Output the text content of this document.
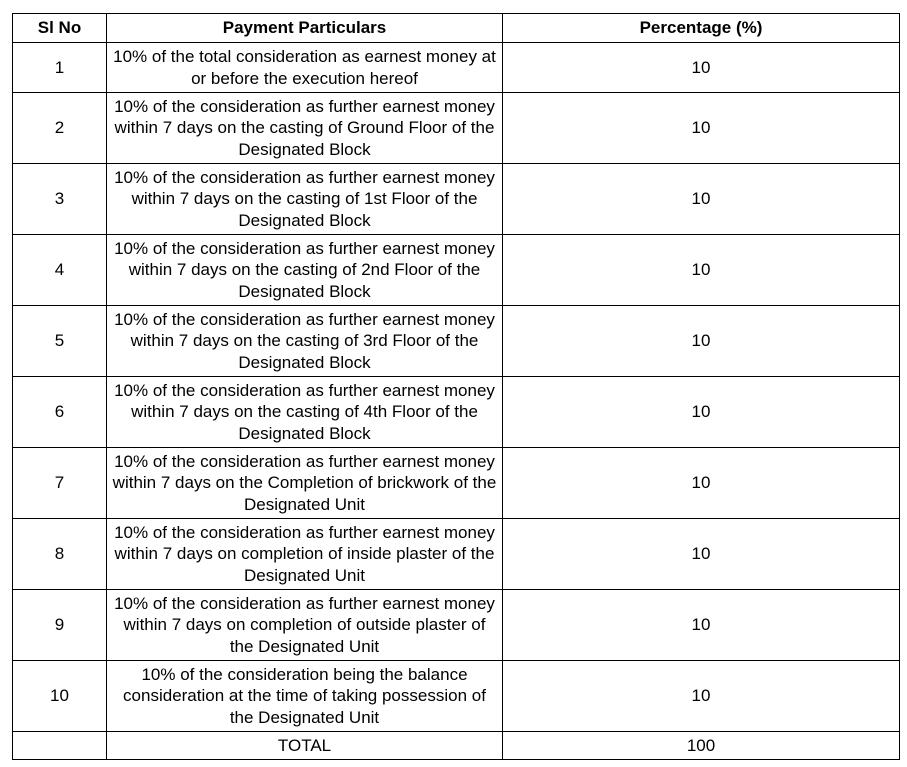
Sl No	Payment Particulars	Percentage (%)
1	10% of the total consideration as earnest money at or before the execution hereof	10
2	10% of the consideration as further earnest money within 7 days on the casting of Ground Floor of the Designated Block	10
3	10% of the consideration as further earnest money within 7 days on the casting of 1st Floor of the Designated Block	10
4	10% of the consideration as further earnest money within 7 days on the casting of 2nd Floor of the Designated Block	10
5	10% of the consideration as further earnest money within 7 days on the casting of 3rd Floor of the Designated Block	10
6	10% of the consideration as further earnest money within 7 days on the casting of 4th Floor of the Designated Block	10
7	10% of the consideration as further earnest money within 7 days on the Completion of brickwork of the Designated Unit	10
8	10% of the consideration as further earnest money within 7 days on completion of inside plaster of the Designated Unit	10
9	10% of the consideration as further earnest money within 7 days on completion of outside plaster of the Designated Unit	10
10	10% of the consideration being the balance consideration at the time of taking possession of the Designated Unit	10
	TOTAL	100
